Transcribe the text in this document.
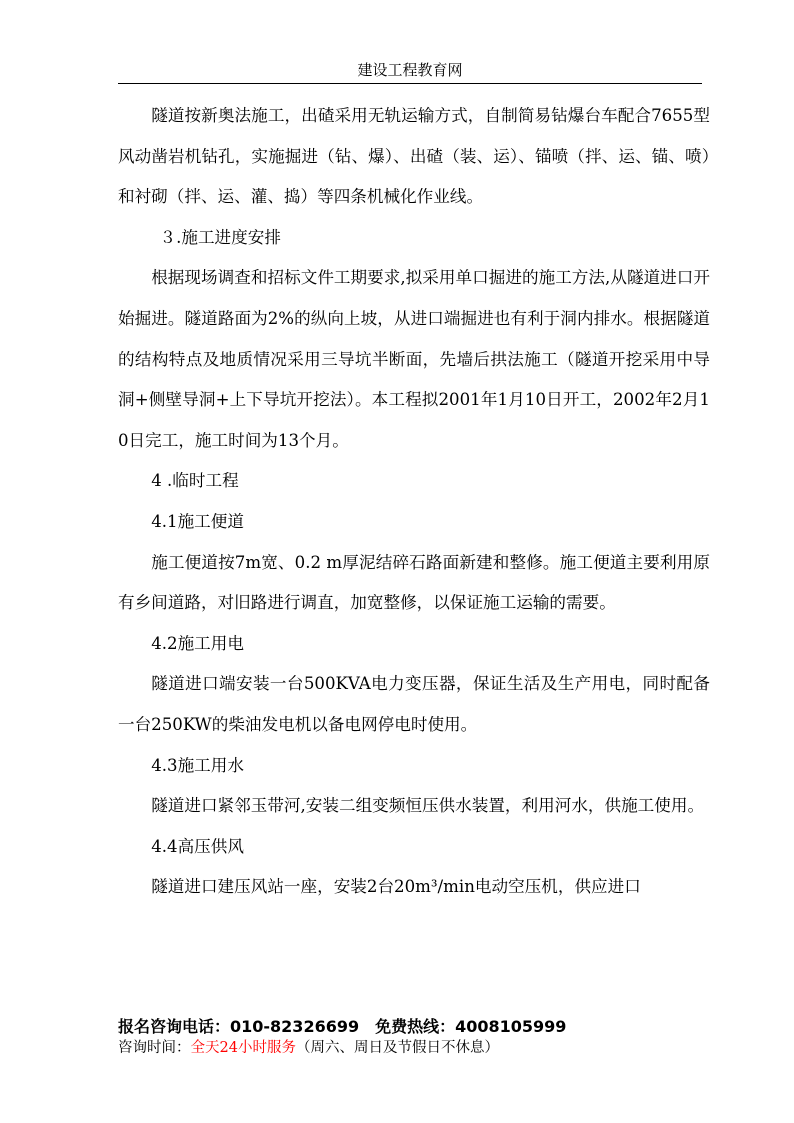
建设工程教育网

隧道按新奥法施工，出碴采用无轨运输方式，自制简易钻爆台车配合7655型风动凿岩机钻孔，实施掘进（钻、爆）、出碴（装、运）、锚喷（拌、运、锚、喷）和衬砌（拌、运、灌、捣）等四条机械化作业线。

３.施工进度安排

根据现场调查和招标文件工期要求,拟采用单口掘进的施工方法,从隧道进口开始掘进。隧道路面为2%的纵向上坡，从进口端掘进也有利于洞内排水。根据隧道的结构特点及地质情况采用三导坑半断面，先墙后拱法施工（隧道开挖采用中导洞+侧壁导洞+上下导坑开挖法）。本工程拟2001年1月10日开工，2002年2月10日完工，施工时间为13个月。

4 .临时工程

4.1施工便道

施工便道按7m宽、0.2 m厚泥结碎石路面新建和整修。施工便道主要利用原有乡间道路，对旧路进行调直，加宽整修，以保证施工运输的需要。

4.2施工用电

隧道进口端安装一台500KVA电力变压器，保证生活及生产用电，同时配备一台250KW的柴油发电机以备电网停电时使用。

4.3施工用水

隧道进口紧邻玉带河,安装二组变频恒压供水装置，利用河水，供施工使用。

4.4高压供风

隧道进口建压风站一座，安装2台20m³/min电动空压机，供应进口

报名咨询电话：010-82326699 免费热线：4008105999
咨询时间：全天24小时服务（周六、周日及节假日不休息）
